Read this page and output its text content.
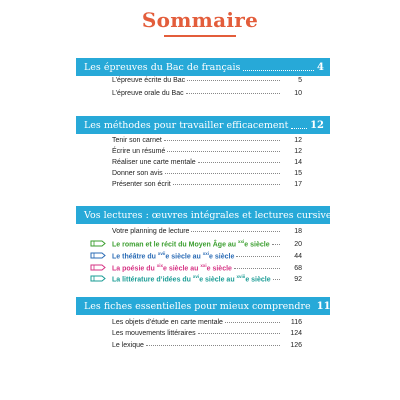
Sommaire
Les épreuves du Bac de français	4
L’épreuve écrite du Bac	5
L’épreuve orale du Bac	10
Les méthodes pour travailler efficacement 12
Tenir son carnet	12
Écrire un résumé	12
Réaliser une carte mentale	14
Donner son avis	15
Présenter son écrit	17
Vos lectures : œuvres intégrales et lectures cursives 18
Votre planning de lecture	18
Le roman et le récit du Moyen Âge au $^{xxi}$e siècle	20
Le théâtre du $^{xvii}$e siècle au $^{xxi}$e siècle	44
La poésie du $^{xix}$e siècle au $^{xxi}$e siècle	68
La littérature d’idées du $^{xvi}$e siècle au $^{xviii}$e siècle	92
Les fiches essentielles pour mieux comprendre 116
Les objets d’étude en carte mentale	116
Les mouvements littéraires	124
Le lexique	126
